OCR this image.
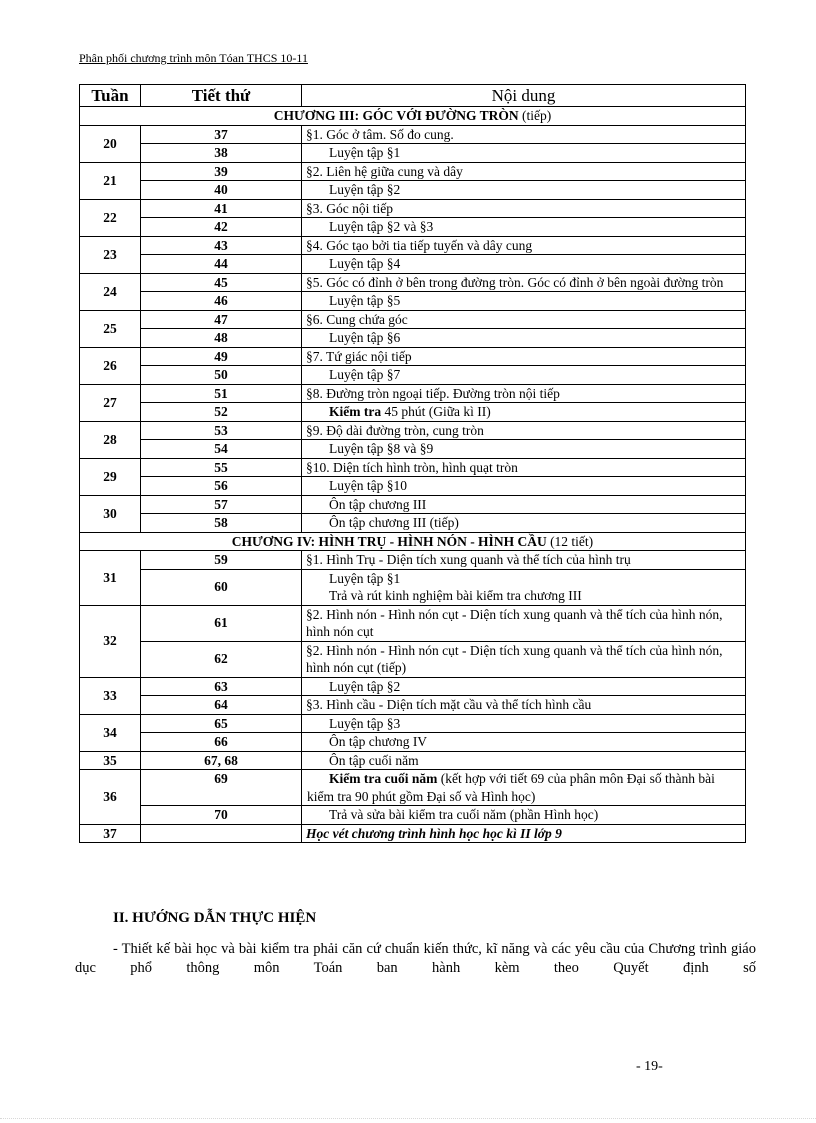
Phân phối chương trình môn Tóan THCS 10-11
Tuần	Tiết thứ	Nội dung
CHƯƠNG III: GÓC VỚI ĐƯỜNG TRÒN (tiếp)		
20	37	§1. Góc ở tâm. Số đo cung.
	38	Luyện tập §1
21	39	§2. Liên hệ giữa cung và dây
	40	Luyện tập §2
22	41	§3. Góc nội tiếp
	42	Luyện tập §2 và §3
23	43	§4. Góc tạo bởi tia tiếp tuyến và dây cung
	44	Luyện tập §4
24	45	§5. Góc có đỉnh ở bên trong đường tròn. Góc có đỉnh ở bên ngoài đường tròn
	46	Luyện tập §5
25	47	§6. Cung chứa góc
	48	Luyện tập §6
26	49	§7. Tứ giác nội tiếp
	50	Luyện tập §7
27	51	§8. Đường tròn ngoại tiếp. Đường tròn nội tiếp
	52	Kiểm tra 45 phút (Giữa kì II)
28	53	§9. Độ dài đường tròn, cung tròn
	54	Luyện tập §8 và §9
29	55	§10. Diện tích hình tròn, hình quạt tròn
	56	Luyện tập §10
30	57	Ôn tập chương III
	58	Ôn tập chương III (tiếp)
CHƯƠNG IV: HÌNH TRỤ - HÌNH NÓN - HÌNH CẦU (12 tiết)		
31	59	§1. Hình Trụ - Diện tích xung quanh và thể tích của hình trụ
	60	Luyện tập §1
Trả và rút kinh nghiệm bài kiểm tra chương III
32	61	§2. Hình nón - Hình nón cụt - Diện tích xung quanh và thể tích của hình nón, hình nón cụt
	62	§2. Hình nón - Hình nón cụt - Diện tích xung quanh và thể tích của hình nón, hình nón cụt (tiếp)
33	63	Luyện tập §2
	64	§3. Hình cầu - Diện tích mặt cầu và thể tích hình cầu
34	65	Luyện tập §3
	66	Ôn tập chương IV
35	67, 68	Ôn tập cuối năm
36	69	Kiểm tra cuối năm (kết hợp với tiết 69 của phân môn Đại số thành bài kiểm tra 90 phút gồm Đại số và Hình học)
	70	Trả và sửa bài kiểm tra cuối năm (phần Hình học)
37		Học vét chương trình hình học học kì II lớp 9
II. HƯỚNG DẪN THỰC HIỆN
- Thiết kế bài học và bài kiểm tra phải căn cứ chuẩn kiến thức, kĩ năng và các yêu cầu của Chương trình giáo dục phổ thông môn Toán ban hành kèm theo Quyết định số
- 19-
